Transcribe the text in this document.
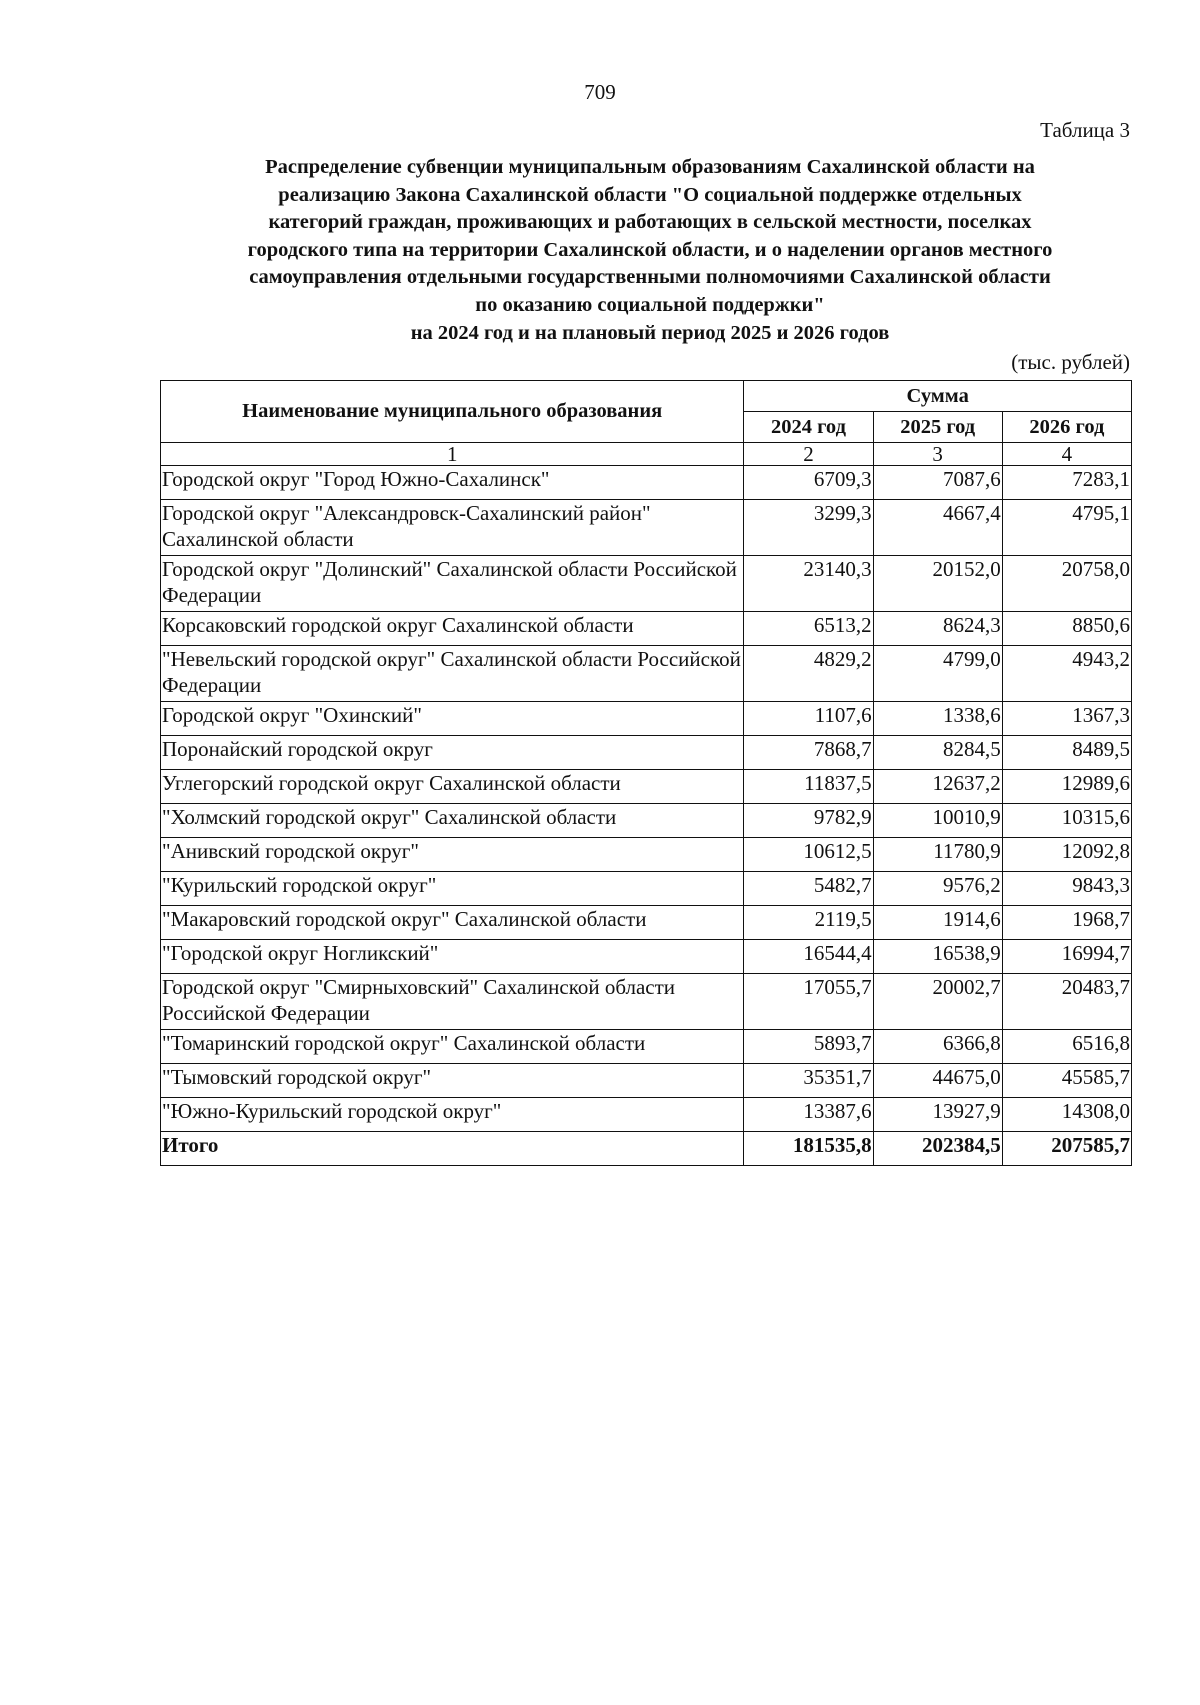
709
Таблица 3
Распределение субвенции муниципальным образованиям Сахалинской области на
реализацию Закона Сахалинской области "О социальной поддержке отдельных
категорий граждан, проживающих и работающих в сельской местности, поселках
городского типа на территории Сахалинской области, и о наделении органов местного
самоуправления отдельными государственными полномочиями Сахалинской области
по оказанию социальной поддержки"
на 2024 год и на плановый период 2025 и 2026 годов
(тыс. рублей)
Наименование муниципального образования	Сумма		
	2024 год	2025 год	2026 год
1	2	3	4
Городской округ "Город Южно-Сахалинск"	6709,3	7087,6	7283,1
Городской округ "Александровск-Сахалинский район" Сахалинской области	3299,3	4667,4	4795,1
Городской округ "Долинский" Сахалинской области Российской Федерации	23140,3	20152,0	20758,0
Корсаковский городской округ Сахалинской области	6513,2	8624,3	8850,6
"Невельский городской округ" Сахалинской области Российской Федерации	4829,2	4799,0	4943,2
Городской округ "Охинский"	1107,6	1338,6	1367,3
Поронайский городской округ	7868,7	8284,5	8489,5
Углегорский городской округ Сахалинской области	11837,5	12637,2	12989,6
"Холмский городской округ" Сахалинской области	9782,9	10010,9	10315,6
"Анивский городской округ"	10612,5	11780,9	12092,8
"Курильский городской округ"	5482,7	9576,2	9843,3
"Макаровский городской округ" Сахалинской области	2119,5	1914,6	1968,7
"Городской округ Ногликский"	16544,4	16538,9	16994,7
Городской округ "Смирныховский" Сахалинской области Российской Федерации	17055,7	20002,7	20483,7
"Томаринский городской округ" Сахалинской области	5893,7	6366,8	6516,8
"Тымовский городской округ"	35351,7	44675,0	45585,7
"Южно-Курильский городской округ"	13387,6	13927,9	14308,0
Итого	181535,8	202384,5	207585,7
